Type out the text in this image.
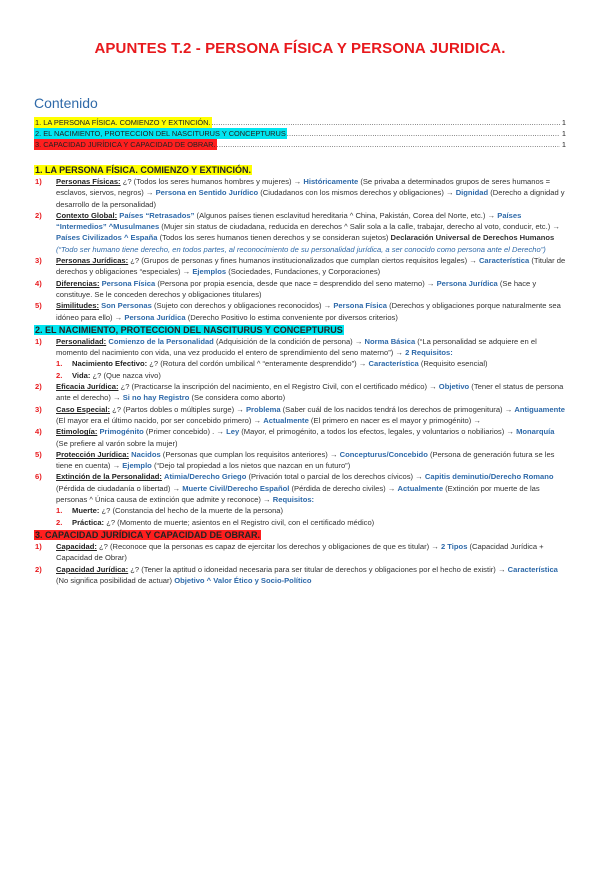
APUNTES T.2 - PERSONA FÍSICA Y PERSONA JURIDICA.
Contenido
1. LA PERSONA FÍSICA. COMIENZO Y EXTINCIÓN. .....	1
2. EL NACIMIENTO, PROTECCION DEL NASCITURUS Y CONCEPTURUS .....	1
3. CAPACIDAD JURÍDICA Y CAPACIDAD DE OBRAR. .....	1
1. LA PERSONA FÍSICA. COMIENZO Y EXTINCIÓN.
1) Personas Físicas: ¿? (Todos los seres humanos hombres y mujeres) → Históricamente (Se privaba a determinados grupos de seres humanos = esclavos, siervos, negros) → Persona en Sentido Jurídico (Ciudadanos con los mismos derechos y obligaciones) → Dignidad (Derecho a dignidad y desarrollo de la personalidad)
2) Contexto Global: Países “Retrasados” (Algunos países tienen esclavitud hereditaria ^ China, Pakistán, Corea del Norte, etc.) → Países “Intermedios” ^Musulmanes (Mujer sin status de ciudadana, reducida en derechos ^ Salir sola a la calle, trabajar, derecho al voto, conducir, etc.) → Países Civilizados ^ España (Todos los seres humanos tienen derechos y se consideran sujetos) Declaración Universal de Derechos Humanos (“Todo ser humano tiene derecho, en todos partes, al reconocimiento de su personalidad jurídica, a ser conocido como persona ante el Derecho”)
3) Personas Jurídicas: ¿? (Grupos de personas y fines humanos institucionalizados que cumplan ciertos requisitos legales) → Característica (Titular de derechos y obligaciones “especiales) → Ejemplos (Sociedades, Fundaciones, y Corporaciones)
4) Diferencias: Persona Física (Persona por propia esencia, desde que nace = desprendido del seno materno) → Persona Jurídica (Se hace y constituye. Se le conceden derechos y obligaciones titulares)
5) Similitudes: Son Personas (Sujeto con derechos y obligaciones reconocidos) → Persona Física (Derechos y obligaciones porque naturalmente sea idóneo para ello) → Persona Jurídica (Derecho Positivo lo estima conveniente por diversos criterios)
2. EL NACIMIENTO, PROTECCION DEL NASCITURUS Y CONCEPTURUS
1) Personalidad: Comienzo de la Personalidad (Adquisición de la condición de persona) → Norma Básica (“La personalidad se adquiere en el momento del nacimiento con vida, una vez producido el entero de sprendimiento del seno materno”) → 2 Requisitos:
1. Nacimiento Efectivo: ¿? (Rotura del cordón umbilical ^ “enteramente desprendido”) → Característica (Requisito esencial)
2. Vida: ¿? (Que nazca vivo)
2) Eficacia Jurídica: ¿? (Practicarse la inscripción del nacimiento, en el Registro Civil, con el certificado médico) → Objetivo (Tener el status de persona ante el derecho) → Si no hay Registro (Se considera como aborto)
3) Caso Especial: ¿? (Partos dobles o múltiples surge) → Problema (Saber cuál de los nacidos tendrá los derechos de primogenitura) → Antiguamente (El mayor era el último nacido, por ser concebido primero) → Actualmente (El primero en nacer es el mayor y primogénito) →
4) Etimología: Primogénito (Primer concebido) . → Ley (Mayor, el primogénito, a todos los efectos, legales, y voluntarios o nobiliarios) → Monarquía (Se prefiere al varón sobre la mujer)
5) Protección Jurídica: Nacidos (Personas que cumplan los requisitos anteriores) → Concepturus/Concebido (Persona de generación futura se les tiene en cuenta) → Ejemplo (“Dejo tal propiedad a los nietos que nazcan en un futuro”)
6) Extinción de la Personalidad: Atimia/Derecho Griego (Privación total o parcial de los derechos cívicos) → Capitis deminutio/Derecho Romano (Pérdida de ciudadanía o libertad) → Muerte Civil/Derecho Español (Pérdida de derecho civiles) → Actualmente (Extinción por muerte de las personas ^ Única causa de extinción que admite y reconoce) → Requisitos:
1. Muerte: ¿? (Constancia del hecho de la muerte de la persona)
2. Práctica: ¿? (Momento de muerte; asientos en el Registro civil, con el certificado médico)
3. CAPACIDAD JURÍDICA Y CAPACIDAD DE OBRAR.
1) Capacidad: ¿? (Reconoce que la personas es capaz de ejercitar los derechos y obligaciones de que es titular) → 2 Tipos (Capacidad Jurídica + Capacidad de Obrar)
2) Capacidad Jurídica: ¿? (Tener la aptitud o idoneidad necesaria para ser titular de derechos y obligaciones por el hecho de existir) → Característica (No significa posibilidad de actuar) Objetivo ^ Valor Ético y Socio-Político
